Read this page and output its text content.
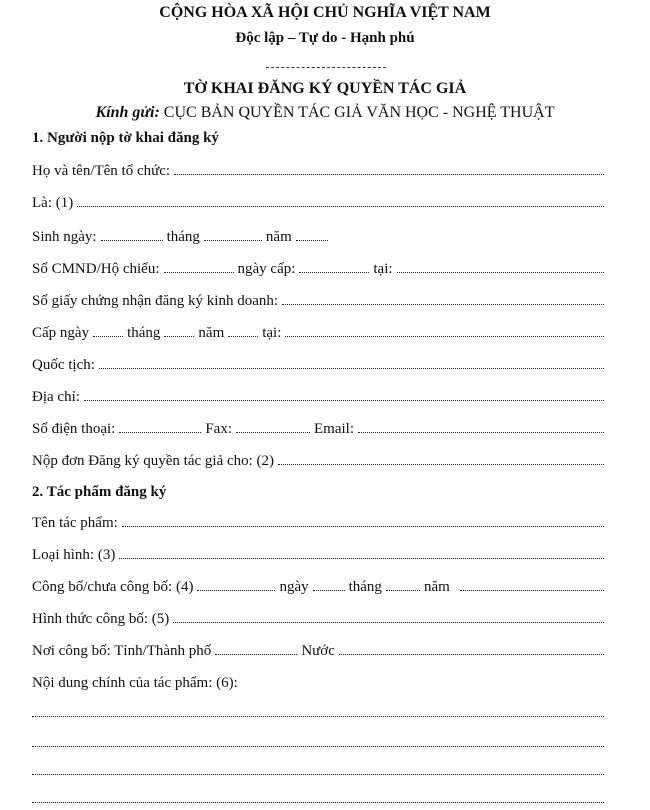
CỘNG HÒA XÃ HỘI CHỦ NGHĨA VIỆT NAM
Độc lập – Tự do - Hạnh phú
TỜ KHAI ĐĂNG KÝ QUYỀN TÁC GIẢ
Kính gửi: CỤC BẢN QUYỀN TÁC GIẢ VĂN HỌC - NGHỆ THUẬT
1. Người nộp tờ khai đăng ký
Họ và tên/Tên tổ chức:
Là: (1)
Sinh ngày:	tháng	năm
Số CMND/Hộ chiếu:	ngày cấp:	tại:
Số giấy chứng nhận đăng ký kinh doanh:
Cấp ngày	tháng	năm	tại:
Quốc tịch:
Địa chỉ:
Số điện thoại:	Fax:	Email:
Nộp đơn Đăng ký quyền tác giả cho: (2)
2. Tác phẩm đăng ký
Tên tác phẩm:
Loại hình: (3)
Công bố/chưa công bố: (4)	ngày	tháng	năm
Hình thức công bố: (5)
Nơi công bố: Tỉnh/Thành phố	Nước
Nội dung chính của tác phẩm: (6):
